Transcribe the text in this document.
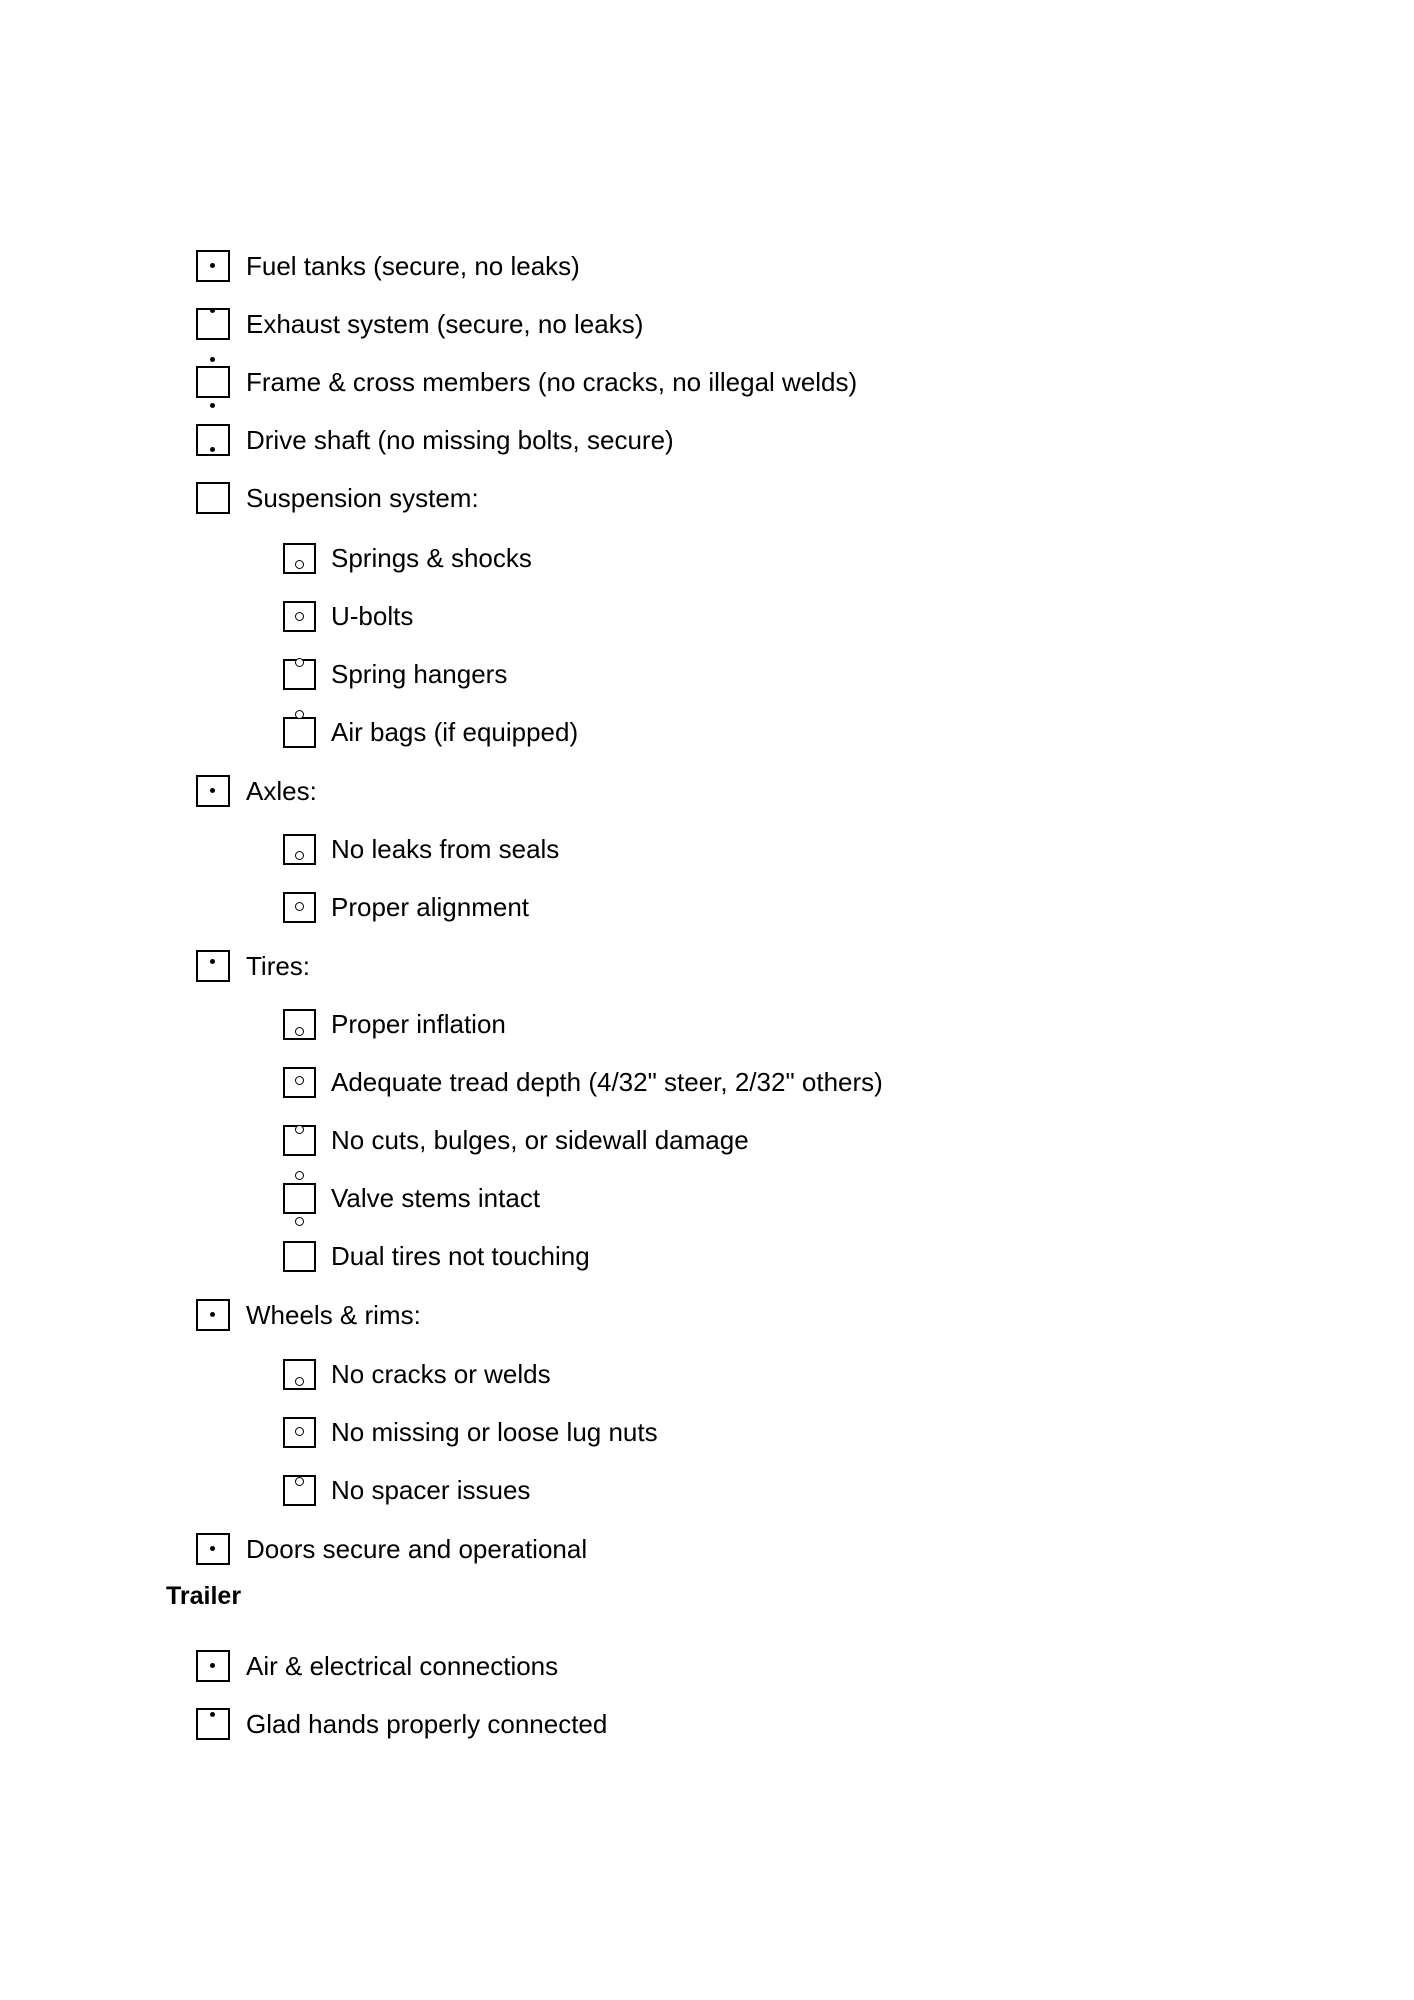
Fuel tanks (secure, no leaks)
Exhaust system (secure, no leaks)
Frame & cross members (no cracks, no illegal welds)
Drive shaft (no missing bolts, secure)
Suspension system:
Springs & shocks
U-bolts
Spring hangers
Air bags (if equipped)
Axles:
No leaks from seals
Proper alignment
Tires:
Proper inflation
Adequate tread depth (4/32" steer, 2/32" others)
No cuts, bulges, or sidewall damage
Valve stems intact
Dual tires not touching
Wheels & rims:
No cracks or welds
No missing or loose lug nuts
No spacer issues
Doors secure and operational
Trailer
Air & electrical connections
Glad hands properly connected
